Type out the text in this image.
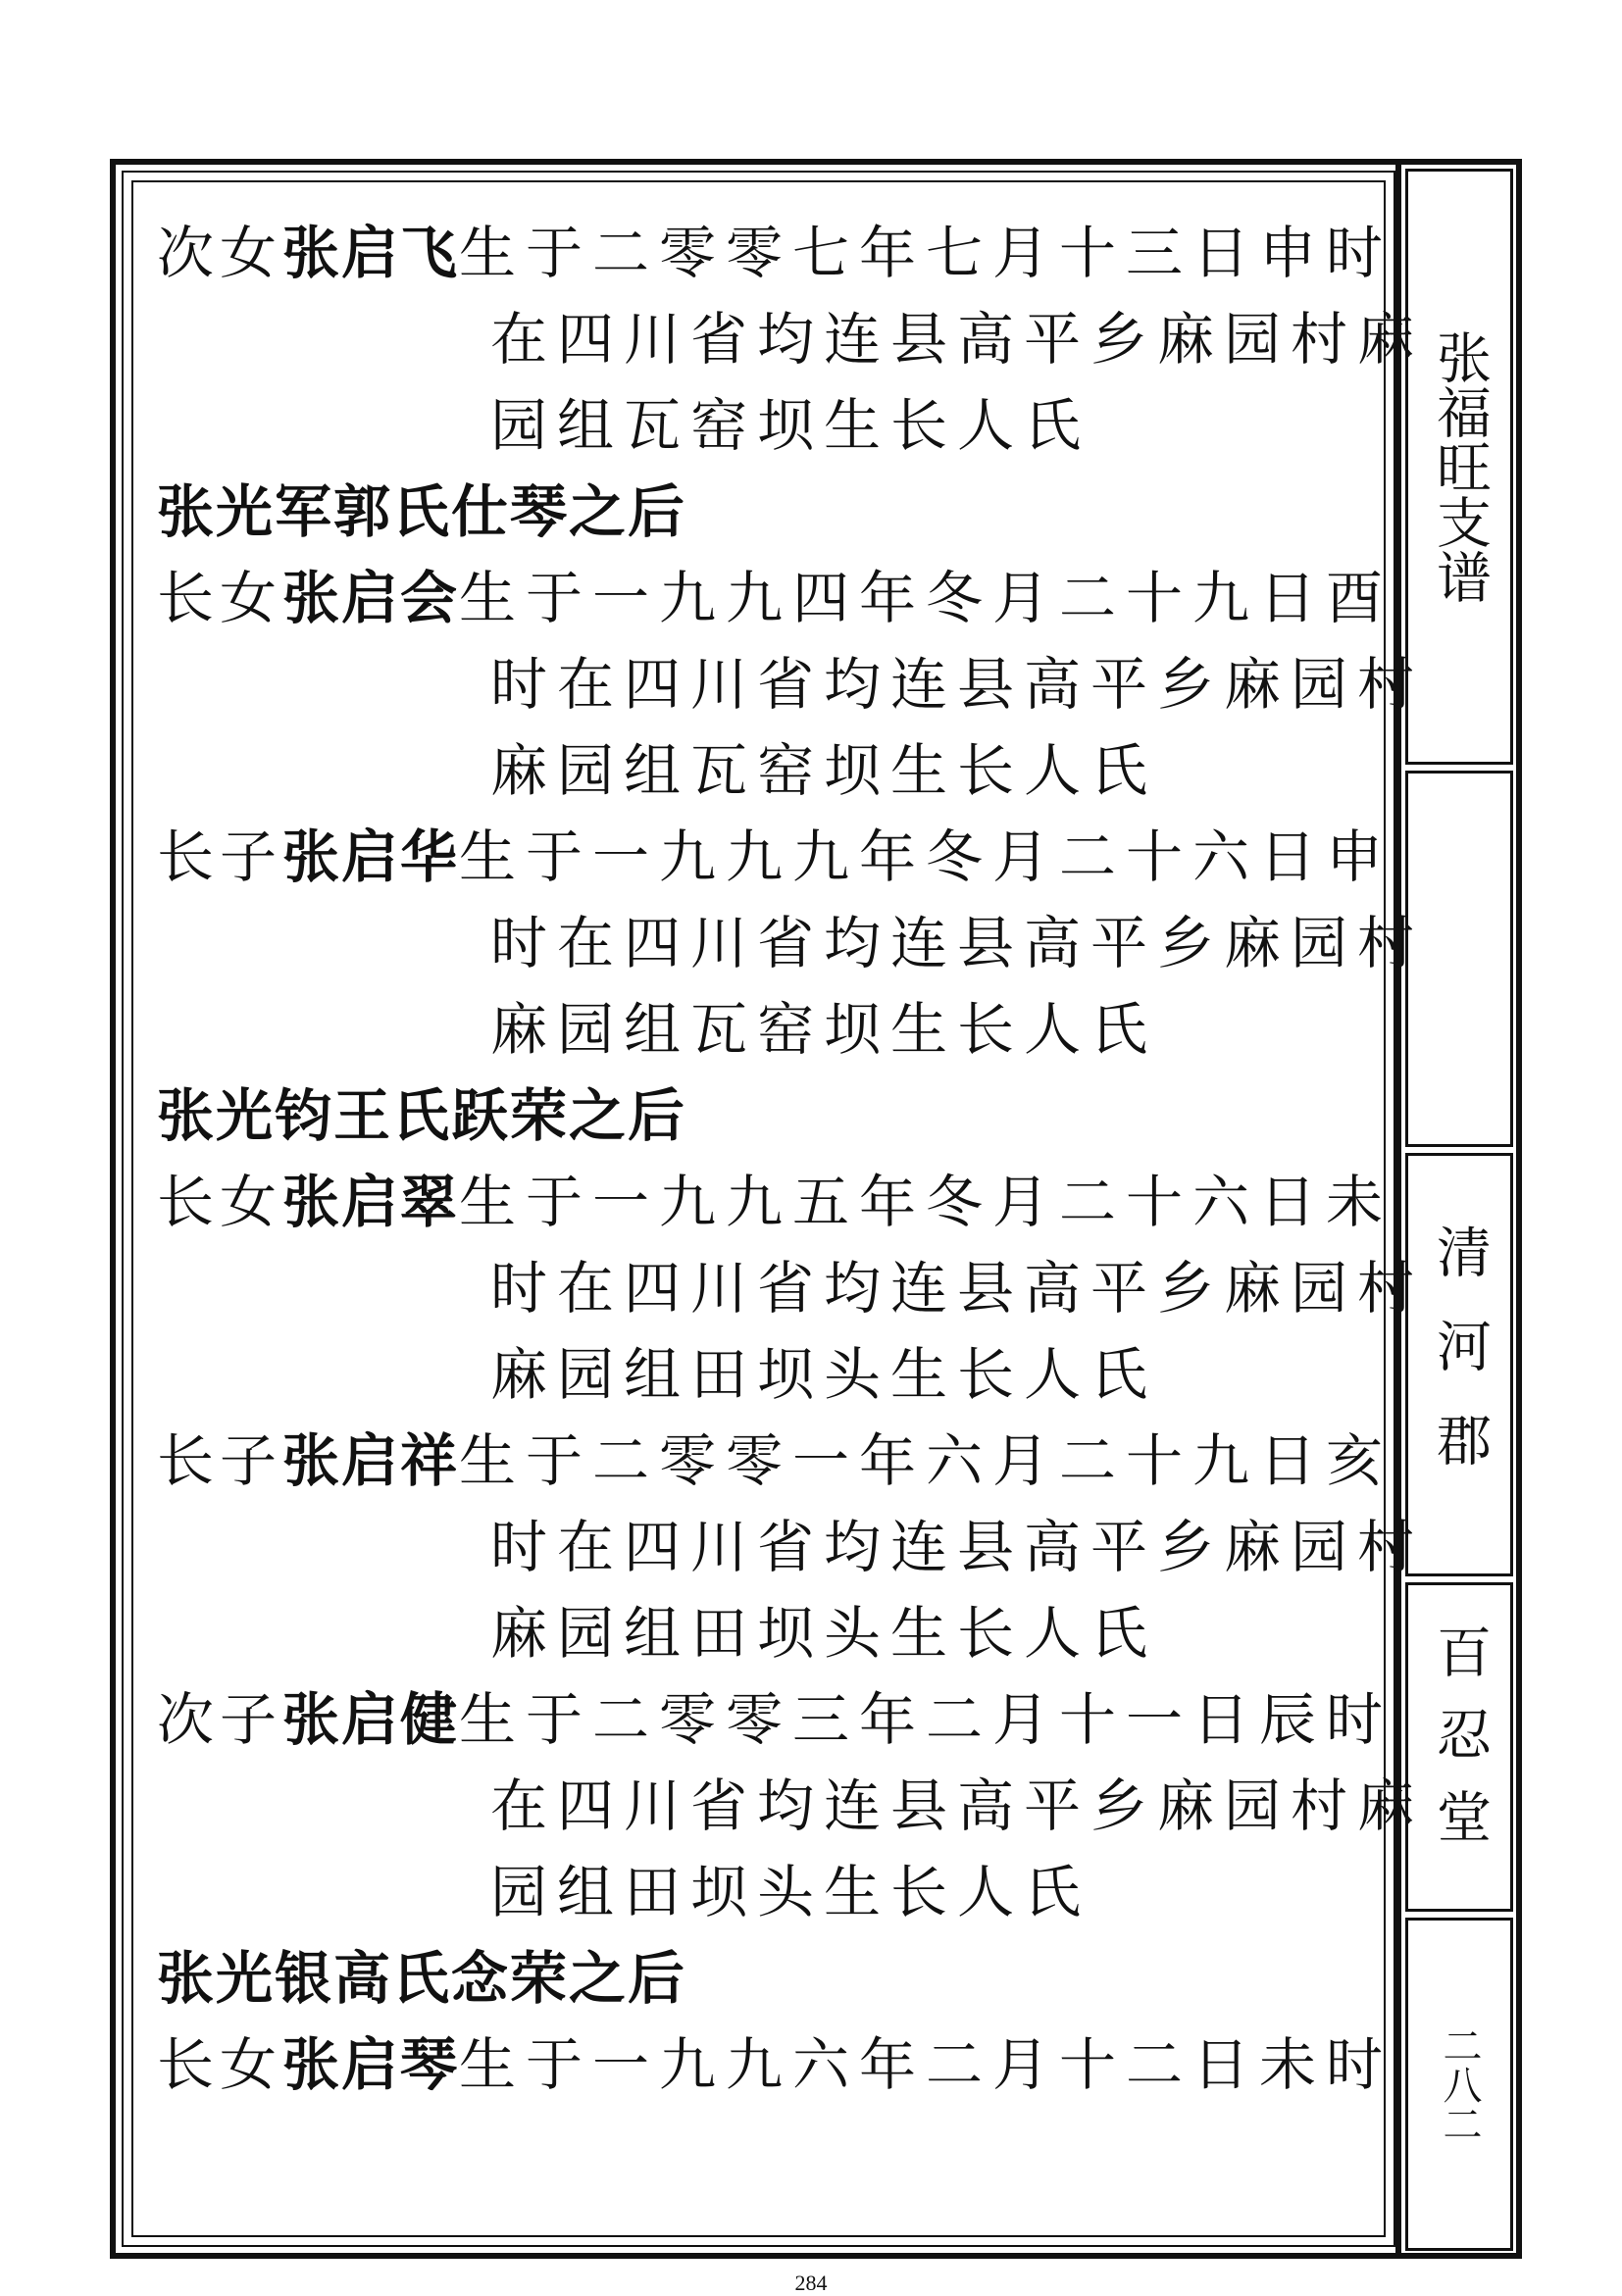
张福旺支谱
清河郡
百忍堂
二八二
次女 张启飞 生于二零零七年七月十三日申时
在四川省均连县高平乡麻园村麻
园组瓦窑坝生长人氏
张光军郭氏仕琴之后
长女 张启会 生于一九九四年冬月二十九日酉
时在四川省均连县高平乡麻园村
麻园组瓦窑坝生长人氏
长子 张启华 生于一九九九年冬月二十六日申
时在四川省均连县高平乡麻园村
麻园组瓦窑坝生长人氏
张光钧王氏跃荣之后
长女 张启翠 生于一九九五年冬月二十六日未
时在四川省均连县高平乡麻园村
麻园组田坝头生长人氏
长子 张启祥 生于二零零一年六月二十九日亥
时在四川省均连县高平乡麻园村
麻园组田坝头生长人氏
次子 张启健 生于二零零三年二月十一日辰时
在四川省均连县高平乡麻园村麻
园组田坝头生长人氏
张光银高氏念荣之后
长女 张启琴 生于一九九六年二月十二日未时
284
